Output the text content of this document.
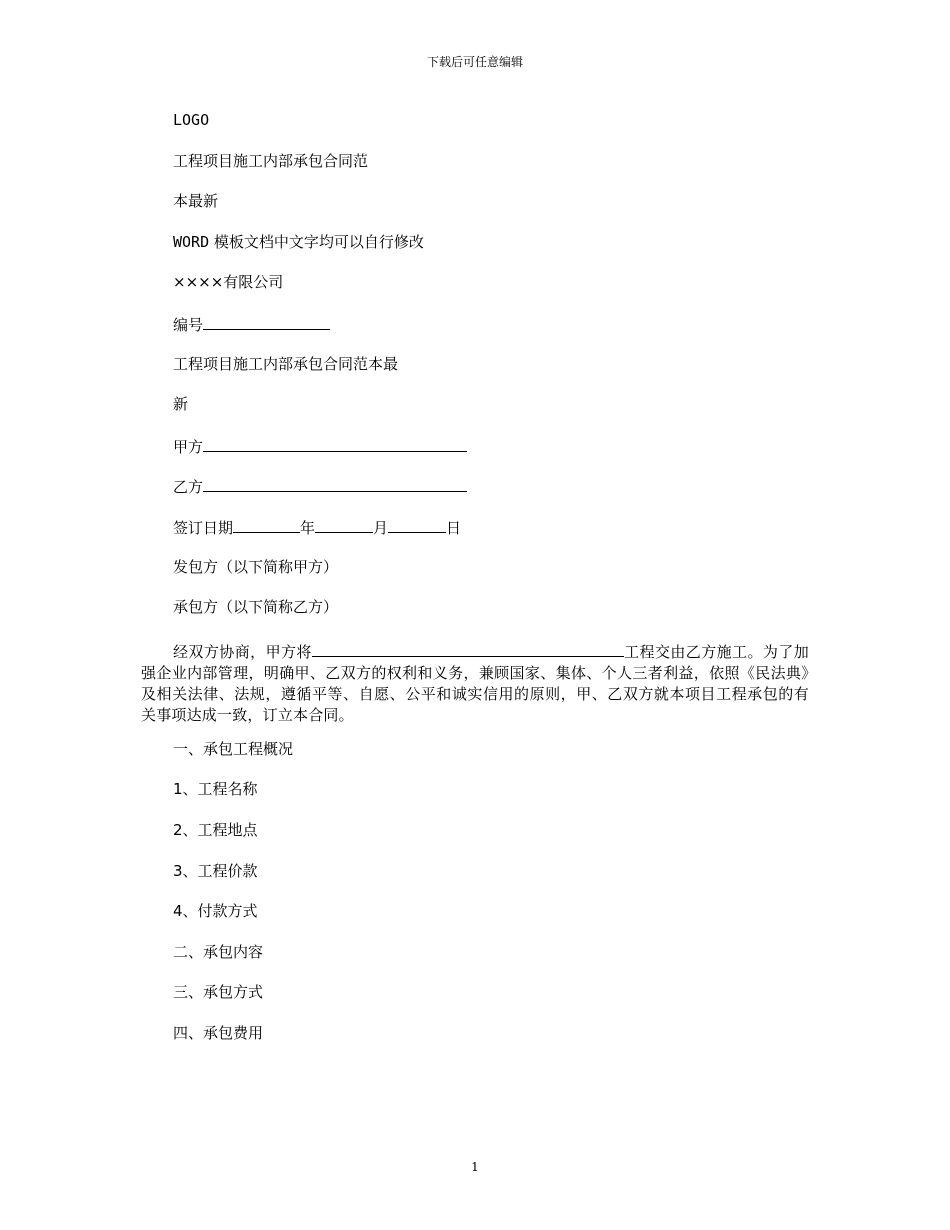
下载后可任意编辑
LOGO
工程项目施工内部承包合同范
本最新
WORD 模板文档中文字均可以自行修改
××××有限公司
编号
工程项目施工内部承包合同范本最
新
甲方
乙方
签订日期	年	月	日
发包方（以下简称甲方）
承包方（以下简称乙方）
经双方协商，甲方将	工程交由乙方施工。为了加强企业内部管理，明确甲、乙双方的权利和义务，兼顾国家、集体、个人三者利益，依照《民法典》及相关法律、法规，遵循平等、自愿、公平和诚实信用的原则，甲、乙双方就本项目工程承包的有关事项达成一致，订立本合同。
一、承包工程概况
1、工程名称
2、工程地点
3、工程价款
4、付款方式
二、承包内容
三、承包方式
四、承包费用
1
